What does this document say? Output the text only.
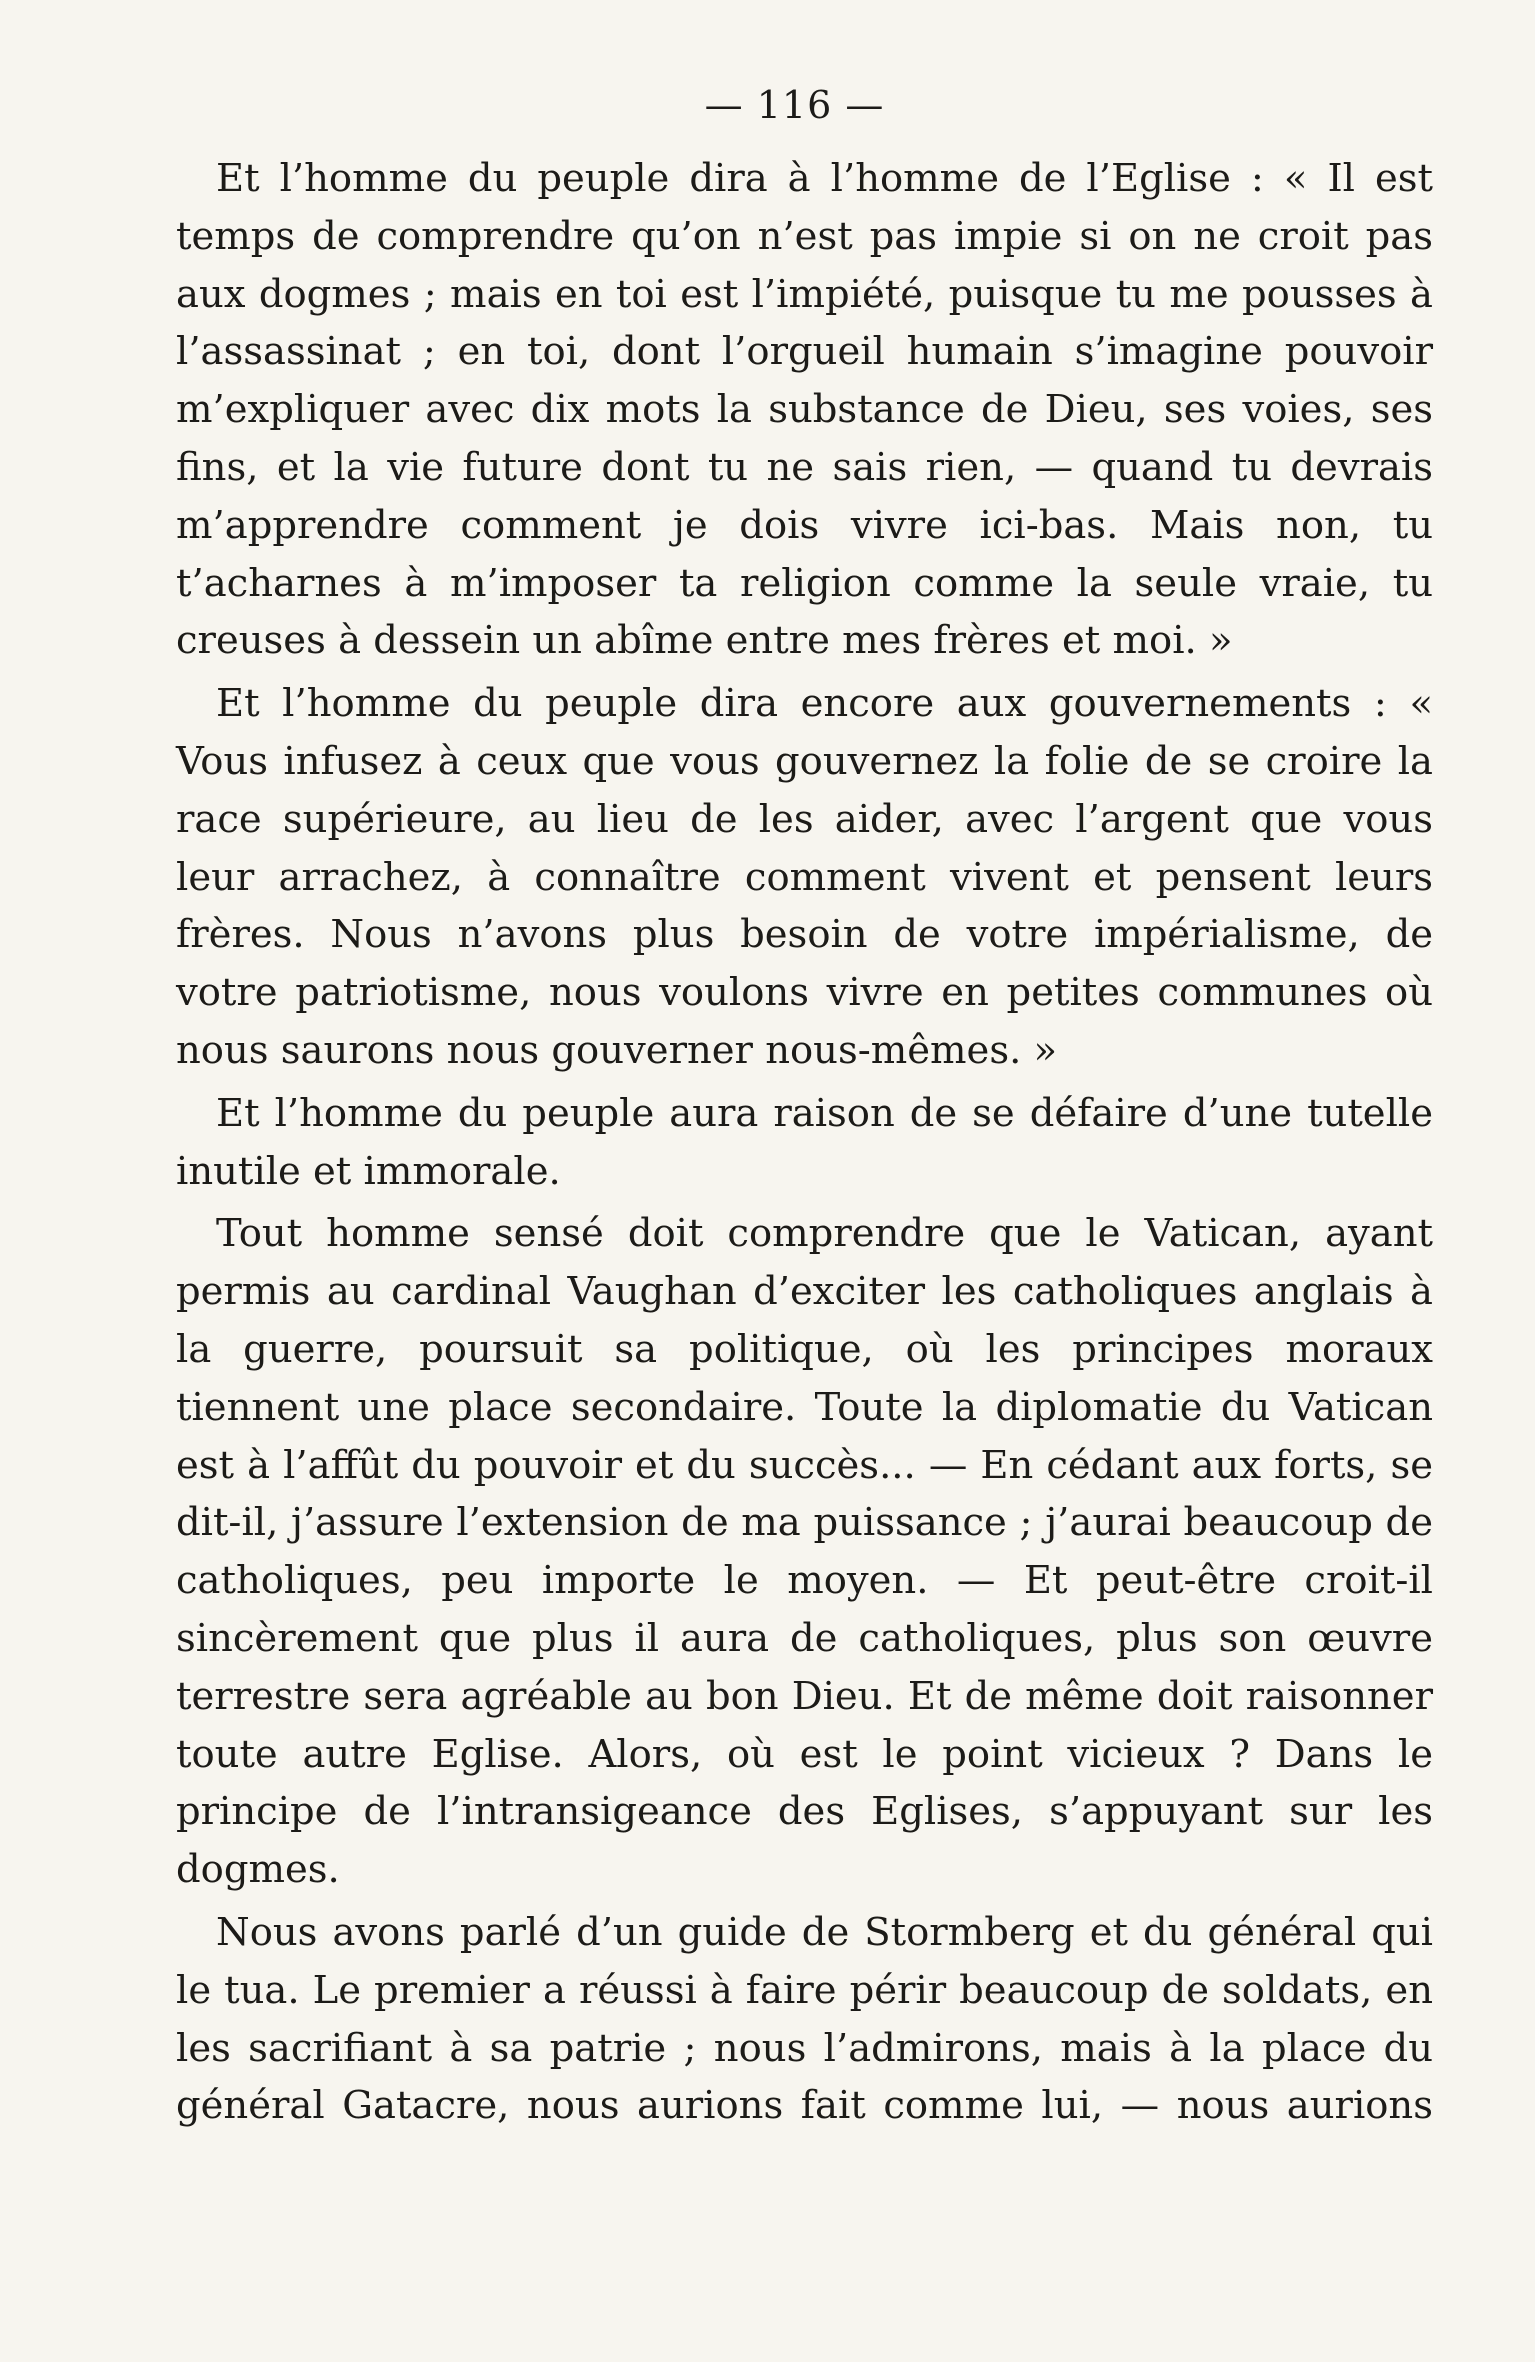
— 116 —

Et l’homme du peuple dira à l’homme de l’Eglise : « Il est temps de comprendre qu’on n’est pas impie si on ne croit pas aux dogmes ; mais en toi est l’impiété, puisque tu me pousses à l’assassinat ; en toi, dont l’orgueil humain s’imagine pouvoir m’expliquer avec dix mots la substance de Dieu, ses voies, ses fins, et la vie future dont tu ne sais rien, — quand tu devrais m’apprendre comment je dois vivre ici-bas. Mais non, tu t’acharnes à m’imposer ta religion comme la seule vraie, tu creuses à dessein un abîme entre mes frères et moi. »

Et l’homme du peuple dira encore aux gouvernements : « Vous infusez à ceux que vous gouvernez la folie de se croire la race supérieure, au lieu de les aider, avec l’argent que vous leur arrachez, à connaître comment vivent et pensent leurs frères. Nous n’avons plus besoin de votre impérialisme, de votre patriotisme, nous voulons vivre en petites communes où nous saurons nous gouverner nous-mêmes. »

Et l’homme du peuple aura raison de se défaire d’une tutelle inutile et immorale.

Tout homme sensé doit comprendre que le Vatican, ayant permis au cardinal Vaughan d’exciter les catholiques anglais à la guerre, poursuit sa politique, où les principes moraux tiennent une place secondaire. Toute la diplomatie du Vatican est à l’affût du pouvoir et du succès... — En cédant aux forts, se dit-il, j’assure l’extension de ma puissance ; j’aurai beaucoup de catholiques, peu importe le moyen. — Et peut-être croit-il sincèrement que plus il aura de catholiques, plus son œuvre terrestre sera agréable au bon Dieu. Et de même doit raisonner toute autre Eglise. Alors, où est le point vicieux ? Dans le principe de l’intransigeance des Eglises, s’appuyant sur les dogmes.

Nous avons parlé d’un guide de Stormberg et du général qui le tua. Le premier a réussi à faire périr beaucoup de soldats, en les sacrifiant à sa patrie ; nous l’admirons, mais à la place du général Gatacre, nous aurions fait comme lui, — nous aurions
